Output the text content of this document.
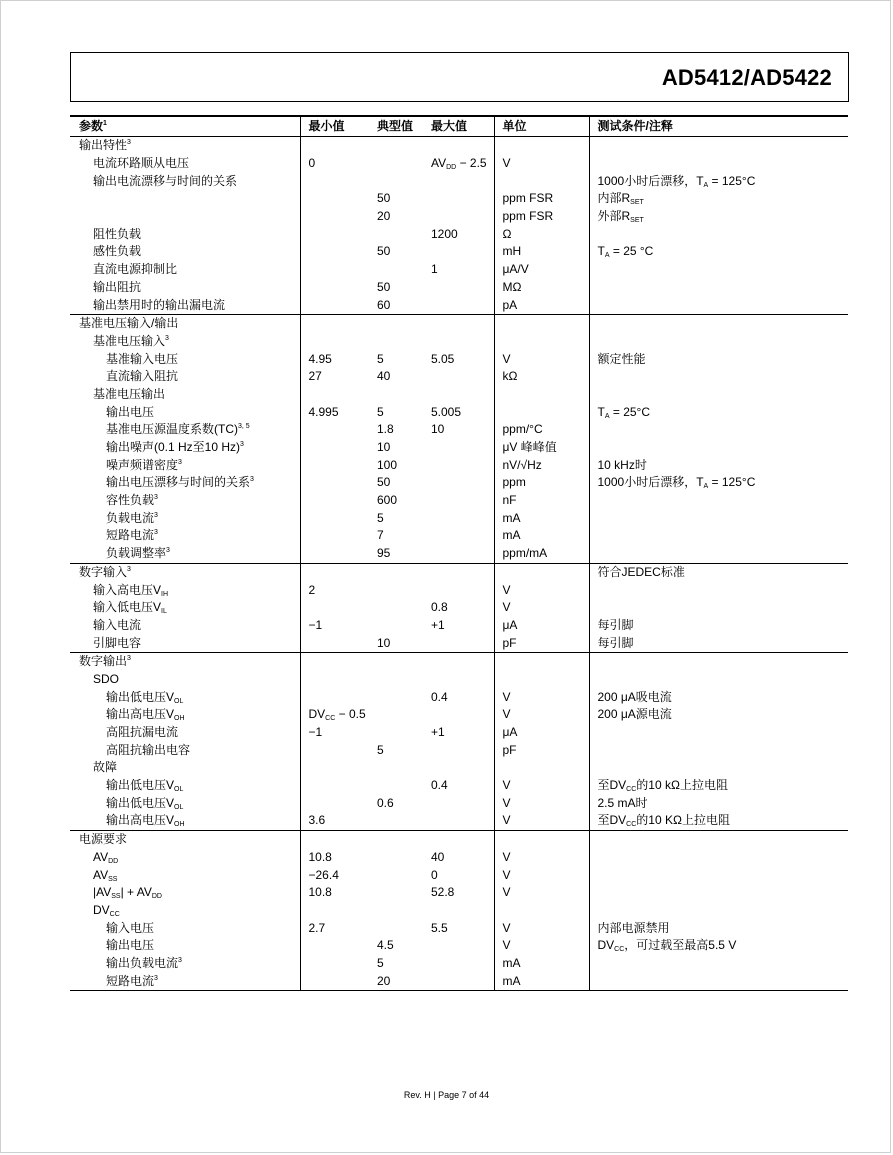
AD5412/AD5422
参数$^1$	最小值	典型值	最大值	单位	测试条件/注释
输出特性$^3$					
电流环路顺从电压	0		$AV_{DD} - 2.5$	V	
输出电流漂移与时间的关系					1000小时后漂移，$T_A = 125^\circ C$
		50		ppm FSR	内部$R_{SET}$
		20		ppm FSR	外部$R_{SET}$
阻性负载			1200	Ω	
感性负载		50		mH	$T_A = 25$ °C
直流电源抑制比			1	μA/V	
输出阻抗		50		MΩ	
输出禁用时的输出漏电流		60		pA	
基准电压输入/输出					
基准电压输入$^3$					
基准输入电压	4.95	5	5.05	V	额定性能
直流输入阻抗	27	40		kΩ	
基准电压输出					
输出电压	4.995	5	5.005		$T_A = 25^\circ C$
基准电压源温度系数(TC)$^{3, 5}$		1.8	10	ppm/°C	
输出噪声(0.1 Hz至10 Hz)$^3$		10		μV 峰峰值	
噪声频谱密度$^3$		100		nV/√Hz	10 kHz时
输出电压漂移与时间的关系$^3$		50		ppm	1000小时后漂移，$T_A = 125^\circ C$
容性负载$^3$		600		nF	
负载电流$^3$		5		mA	
短路电流$^3$		7		mA	
负载调整率$^3$		95		ppm/mA	
数字输入$^3$					符合JEDEC标准
输入高电压$V_{IH}$	2			V	
输入低电压$V_{IL}$			0.8	V	
输入电流	−1		+1	μA	每引脚
引脚电容		10		pF	每引脚
数字输出$^3$					
SDO					
输出低电压$V_{OL}$			0.4	V	200 μA吸电流
输出高电压$V_{OH}$	$DV_{CC} - 0.5$			V	200 μA源电流
高阻抗漏电流	−1		+1	μA	
高阻抗输出电容		5		pF	
故障					
输出低电压$V_{OL}$			0.4	V	至$DV_{CC}$的10 kΩ上拉电阻
输出低电压$V_{OL}$		0.6		V	2.5 mA时
输出高电压$V_{OH}$	3.6			V	至$DV_{CC}$的10 KΩ上拉电阻
电源要求					
$AV_{DD}$	10.8		40	V	
$AV_{SS}$	−26.4		0	V	
$|AV_{SS}| + AV_{DD}$	10.8		52.8	V	
$DV_{CC}$					
输入电压	2.7		5.5	V	内部电源禁用
输出电压		4.5		V	$DV_{CC}$，可过载至最高5.5 V
输出负载电流$^3$		5		mA	
短路电流$^3$		20		mA	
Rev. H | Page 7 of 44
